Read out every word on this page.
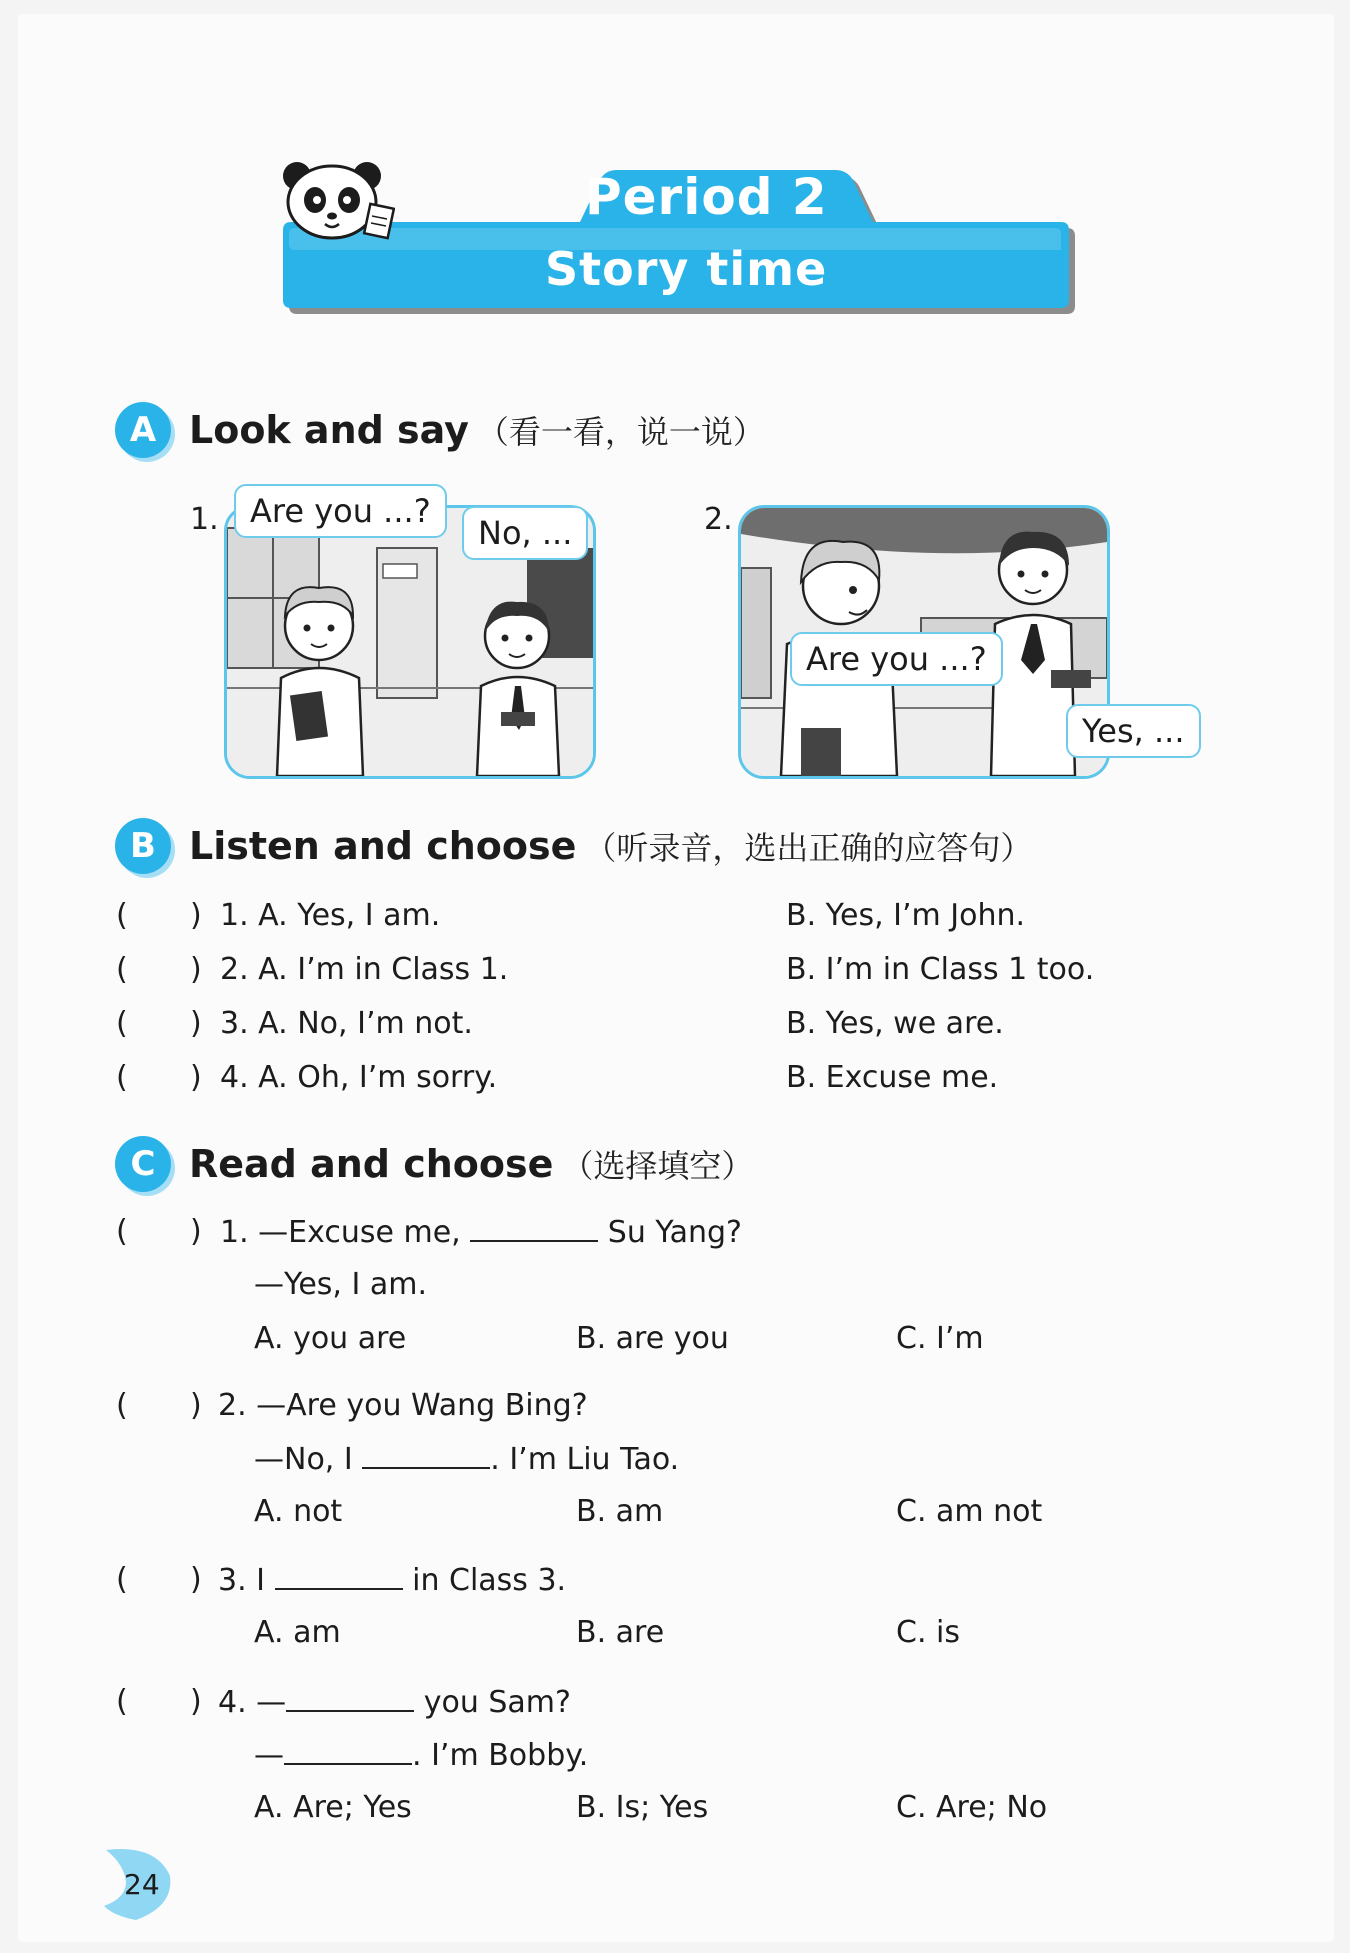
Period 2
Story time
A Look and say （看一看，说一说）
1. Are you ...?
No, ...	2.
Are you ...?
Yes, ...
B Listen and choose （听录音，选出正确的应答句）
( ) 1. A. Yes, I am.	B. Yes, I’m John.
( ) 2. A. I’m in Class 1.	B. I’m in Class 1 too.
( ) 3. A. No, I’m not.	B. Yes, we are.
( ) 4. A. Oh, I’m sorry.	B. Excuse me.
C Read and choose （选择填空）
( ) 1. —Excuse me,	Su Yang?
—Yes, I am.
A. you are	B. are you	C. I’m
( ) 2. —Are you Wang Bing?
—No, I	. I’m Liu Tao.
A. not	B. am	C. am not
( ) 3. I	in Class 3.
A. am	B. are	C. is
( ) 4. —	you Sam?
—	. I’m Bobby.
A. Are; Yes	B. Is; Yes	C. Are; No
24
